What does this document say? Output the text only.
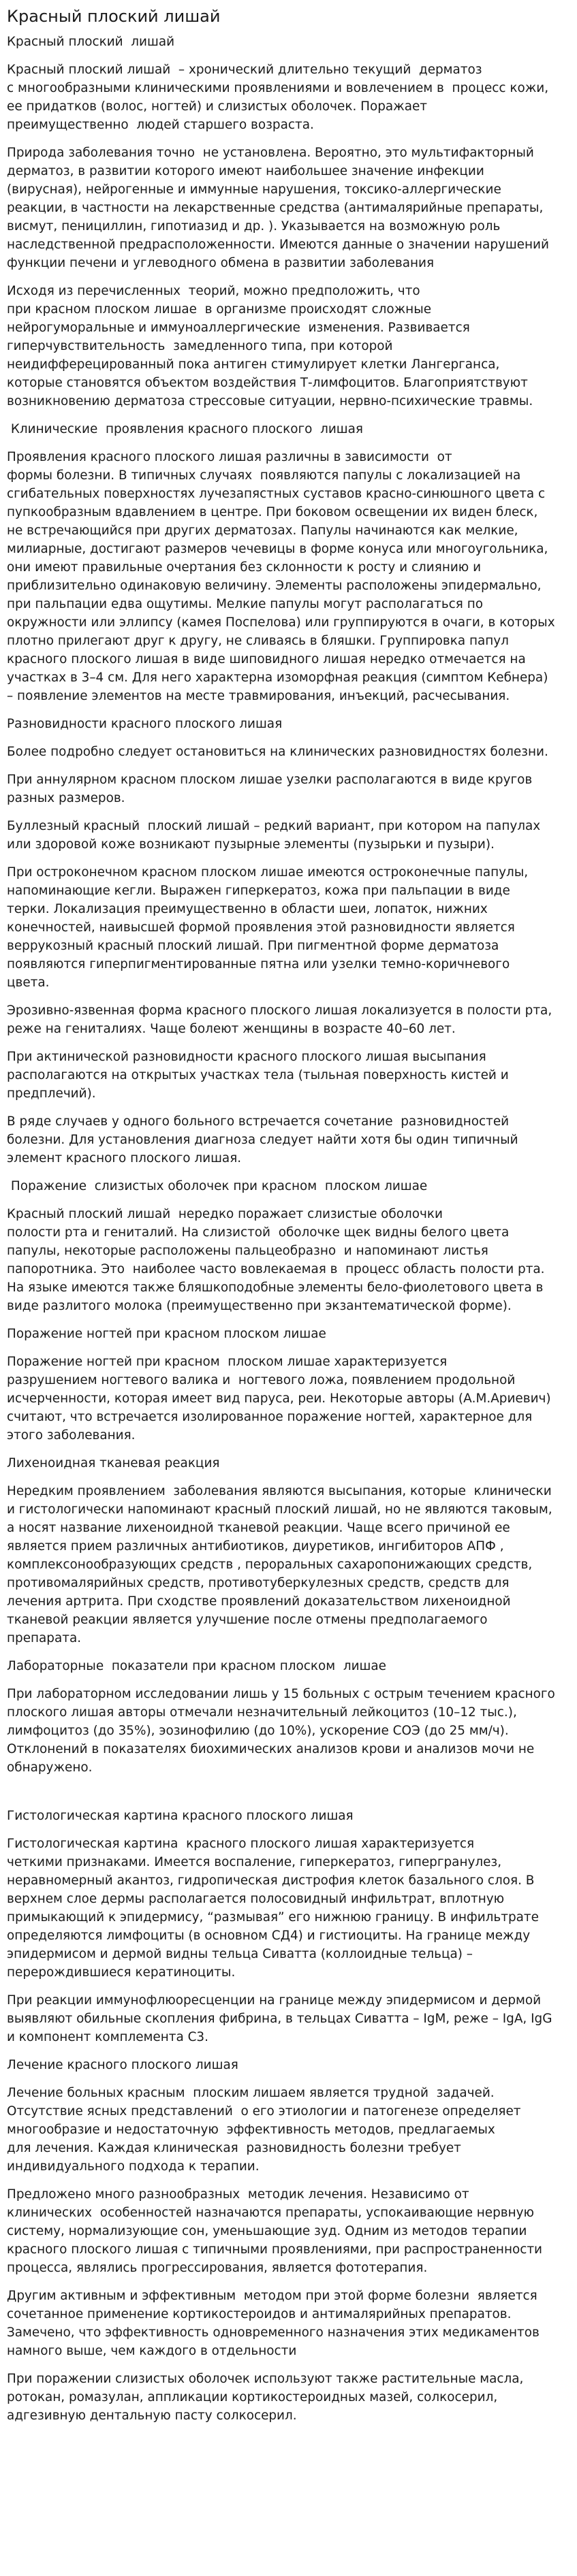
Красный плоский лишай

Красный плоский  лишай

Красный плоский лишай  – хронический длительно текущий  дерматоз
с многообразными клиническими проявлениями и вовлечением в  процесс кожи,
ее придатков (волос, ногтей) и слизистых оболочек. Поражает
преимущественно  людей старшего возраста.

Природа заболевания точно  не установлена. Вероятно, это мультифакторный
дерматоз, в развитии которого имеют наибольшее значение инфекции
(вирусная), нейрогенные и иммунные нарушения, токсико-аллергические
реакции, в частности на лекарственные средства (антималярийные препараты,
висмут, пенициллин, гипотиазид и др. ). Указывается на возможную роль
наследственной предрасположенности. Имеются данные о значении нарушений
функции печени и углеводного обмена в развитии заболевания

Исходя из перечисленных  теорий, можно предположить, что
при красном плоском лишае  в организме происходят сложные
нейрогуморальные и иммуноаллергические  изменения. Развивается
гиперчувствительность  замедленного типа, при которой
неидифферецированный пока антиген стимулирует клетки Лангерганса,
которые становятся объектом воздействия Т-лимфоцитов. Благоприятствуют
возникновению дерматоза стрессовые ситуации, нервно-психические травмы.

Клинические  проявления красного плоского  лишая

Проявления красного плоского лишая различны в зависимости  от
формы болезни. В типичных случаях  появляются папулы с локализацией на
сгибательных поверхностях лучезапястных суставов красно-синюшного цвета с
пупкообразным вдавлением в центре. При боковом освещении их виден блеск,
не встречающийся при других дерматозах. Папулы начинаются как мелкие,
милиарные, достигают размеров чечевицы в форме конуса или многоугольника,
они имеют правильные очертания без склонности к росту и слиянию и
приблизительно одинаковую величину. Элементы расположены эпидермально,
при пальпации едва ощутимы. Мелкие папулы могут располагаться по
окружности или эллипсу (камея Поспелова) или группируются в очаги, в которых
плотно прилегают друг к другу, не сливаясь в бляшки. Группировка папул
красного плоского лишая в виде шиповидного лишая нередко отмечается на
участках в 3–4 см. Для него характерна изоморфная реакция (симптом Кебнера)
– появление элементов на месте травмирования, инъекций, расчесывания.

Разновидности красного плоского лишая

Более подробно следует остановиться на клинических разновидностях болезни.

При аннулярном красном плоском лишае узелки располагаются в виде кругов
разных размеров.

Буллезный красный  плоский лишай – редкий вариант, при котором на папулах
или здоровой коже возникают пузырные элементы (пузырьки и пузыри).

При остроконечном красном плоском лишае имеются остроконечные папулы,
напоминающие кегли. Выражен гиперкератоз, кожа при пальпации в виде
терки. Локализация преимущественно в области шеи, лопаток, нижних
конечностей, наивысшей формой проявления этой разновидности является
веррукозный красный плоский лишай. При пигментной форме дерматоза
появляются гиперпигментированные пятна или узелки темно-коричневого
цвета.

Эрозивно-язвенная форма красного плоского лишая локализуется в полости рта,
реже на гениталиях. Чаще болеют женщины в возрасте 40–60 лет.

При актинической разновидности красного плоского лишая высыпания
располагаются на открытых участках тела (тыльная поверхность кистей и
предплечий).

В ряде случаев у одного больного встречается сочетание  разновидностей
болезни. Для установления диагноза следует найти хотя бы один типичный
элемент красного плоского лишая.

Поражение  слизистых оболочек при красном  плоском лишае

Красный плоский лишай  нередко поражает слизистые оболочки
полости рта и гениталий. На слизистой  оболочке щек видны белого цвета
папулы, некоторые расположены пальцеобразно  и напоминают листья
папоротника. Это  наиболее часто вовлекаемая в  процесс область полости рта.
На языке имеются также бляшкоподобные элементы бело-фиолетового цвета в
виде разлитого молока (преимущественно при экзантематической форме).

Поражение ногтей при красном плоском лишае

Поражение ногтей при красном  плоском лишае характеризуется
разрушением ногтевого валика и  ногтевого ложа, появлением продольной
исчерченности, которая имеет вид паруса, реи. Некоторые авторы (А.М.Ариевич)
считают, что встречается изолированное поражение ногтей, характерное для
этого заболевания.

Лихеноидная тканевая реакция

Нередким проявлением  заболевания являются высыпания, которые  клинически
и гистологически напоминают красный плоский лишай, но не являются таковым,
а носят название лихеноидной тканевой реакции. Чаще всего причиной ее
является прием различных антибиотиков, диуретиков, ингибиторов АПФ ,
комплексонообразующих средств , пероральных сахаропонижающих средств,
противомалярийных средств, противотуберкулезных средств, средств для
лечения артрита. При сходстве проявлений доказательством лихеноидной
тканевой реакции является улучшение после отмены предполагаемого
препарата.

Лабораторные  показатели при красном плоском  лишае

При лабораторном исследовании лишь у 15 больных с острым течением красного
плоского лишая авторы отмечали незначительный лейкоцитоз (10–12 тыс.),
лимфоцитоз (до 35%), эозинофилию (до 10%), ускорение СОЭ (до 25 мм/ч).
Отклонений в показателях биохимических анализов крови и анализов мочи не
обнаружено.

Гистологическая картина красного плоского лишая

Гистологическая картина  красного плоского лишая характеризуется
четкими признаками. Имеется воспаление, гиперкератоз, гипергранулез,
неравномерный акантоз, гидропическая дистрофия клеток базального слоя. В
верхнем слое дермы располагается полосовидный инфильтрат, вплотную
примыкающий к эпидермису, “размывая” его нижнюю границу. В инфильтрате
определяются лимфоциты (в основном СД4) и гистиоциты. На границе между
эпидермисом и дермой видны тельца Сиватта (коллоидные тельца) –
перерождившиеся кератиноциты.

При реакции иммунофлюоресценции на границе между эпидермисом и дермой
выявляют обильные скопления фибрина, в тельцах Сиватта – IgM, реже – IgA, IgG
и компонент комплемента С3.

Лечение красного плоского лишая

Лечение больных красным  плоским лишаем является трудной  задачей.
Отсутствие ясных представлений  о его этиологии и патогенезе определяет
многообразие и недостаточную  эффективность методов, предлагаемых
для лечения. Каждая клиническая  разновидность болезни требует
индивидуального подхода к терапии.

Предложено много разнообразных  методик лечения. Независимо от
клинических  особенностей назначаются препараты, успокаивающие нервную
систему, нормализующие сон, уменьшающие зуд. Одним из методов терапии
красного плоского лишая с типичными проявлениями, при распространенности
процесса, являлись прогрессирования, является фототерапия.

Другим активным и эффективным  методом при этой форме болезни  является
сочетанное применение кортикостероидов и антималярийных препаратов.
Замечено, что эффективность одновременного назначения этих медикаментов
намного выше, чем каждого в отдельности

При поражении слизистых оболочек используют также растительные масла,
ротокан, ромазулан, аппликации кортикостероидных мазей, солкосерил,
адгезивную дентальную пасту солкосерил.
